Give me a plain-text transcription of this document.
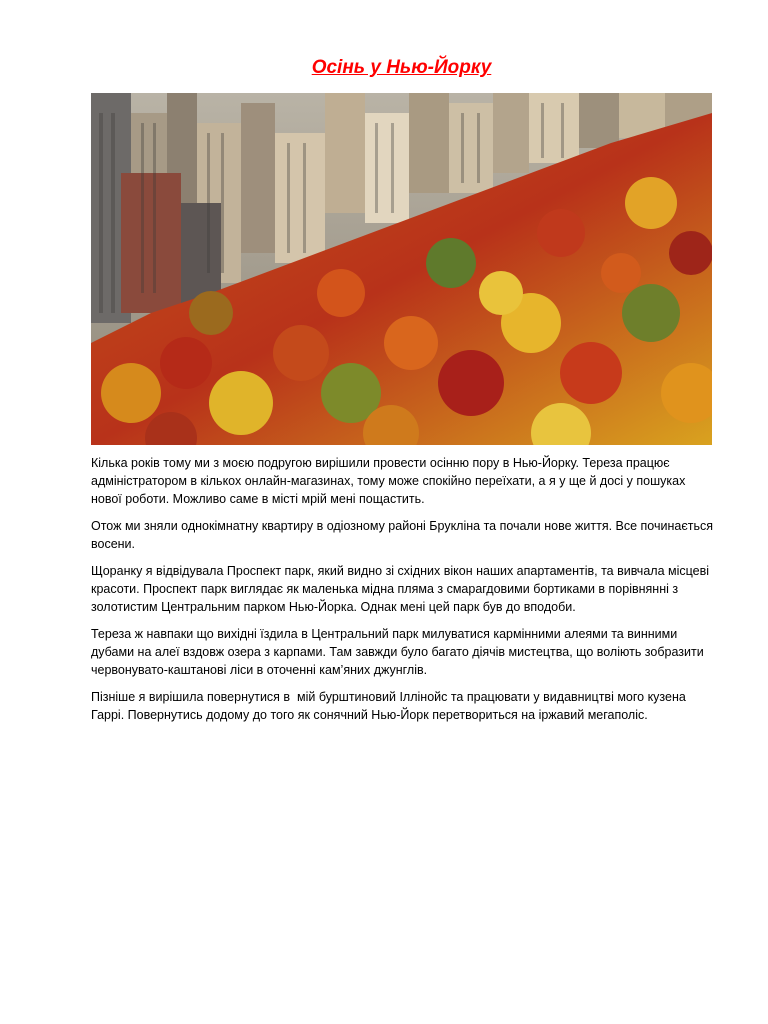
Осінь у Нью-Йорку

Кілька років тому ми з моєю подругою вирішили провести осінню пору в Нью-Йорку. Тереза працює адміністратором в кількох онлайн-магазинах, тому може спокійно переїхати, а я у ще й досі у пошуках нової роботи. Можливо саме в місті мрій мені пощастить.

Отож ми зняли однокімнатну квартиру в одіозному районі Брукліна та почали нове життя. Все починається восени.

Щоранку я відвідувала Проспект парк, який видно зі східних вікон наших апартаментів, та вивчала місцеві красоти. Проспект парк виглядає як маленька мідна пляма з смарагдовими бортиками в порівнянні з золотистим Центральним парком Нью-Йорка. Однак мені цей парк був до вподоби.

Тереза ж навпаки що вихідні їздила в Центральний парк милуватися кармінними алеями та винними дубами на алеї вздовж озера з карпами. Там завжди було багато діячів мистецтва, що воліють зобразити червонувато-каштанові ліси в оточенні кам’яних джунглів.

Пізніше я вирішила повернутися в  мій бурштиновий Іллінойс та працювати у видавництві мого кузена Гаррі. Повернутись додому до того як сонячний Нью-Йорк перетвориться на іржавий мегаполіс.
